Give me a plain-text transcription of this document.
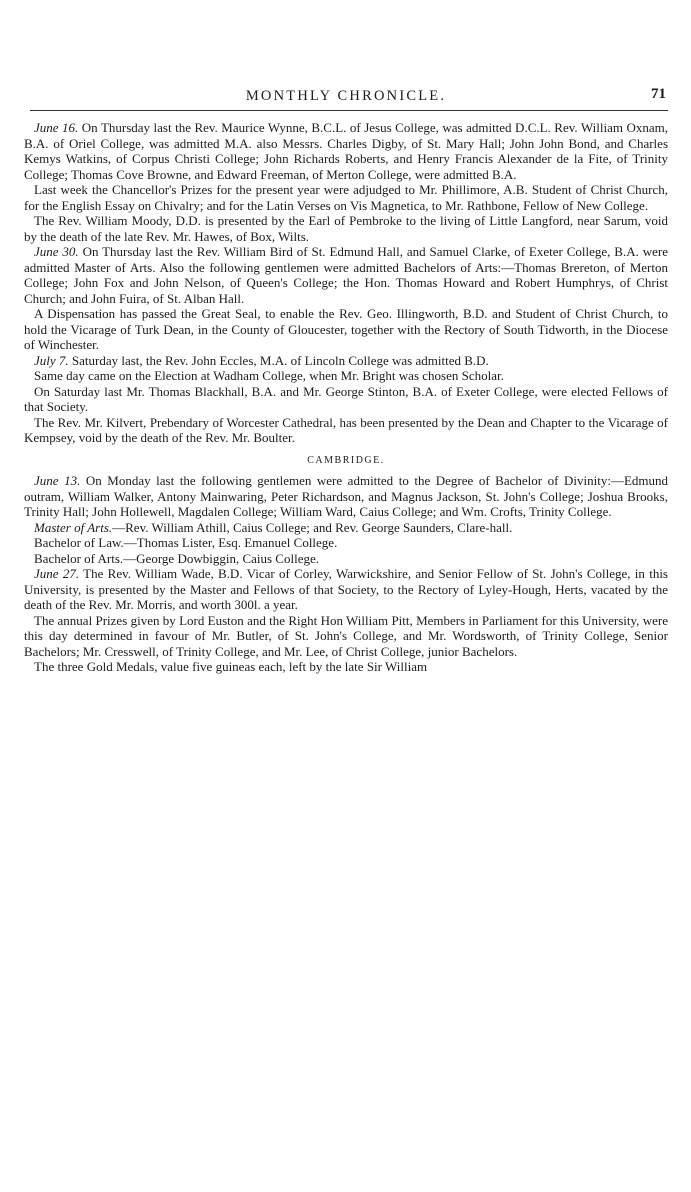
MONTHLY CHRONICLE.	71

June 16. On Thursday last the Rev. Maurice Wynne, B.C.L. of Jesus College, was admitted D.C.L. Rev. William Oxnam, B.A. of Oriel College, was admitted M.A. also Messrs. Charles Digby, of St. Mary Hall; John John Bond, and Charles Kemys Watkins, of Corpus Christi College; John Richards Roberts, and Henry Francis Alexander de la Fite, of Trinity College; Thomas Cove Browne, and Edward Freeman, of Merton College, were admitted B.A.

Last week the Chancellor's Prizes for the present year were adjudged to Mr. Phillimore, A.B. Student of Christ Church, for the English Essay on Chivalry; and for the Latin Verses on Vis Magnetica, to Mr. Rathbone, Fellow of New College.

The Rev. William Moody, D.D. is presented by the Earl of Pembroke to the living of Little Langford, near Sarum, void by the death of the late Rev. Mr. Hawes, of Box, Wilts.

June 30. On Thursday last the Rev. William Bird of St. Edmund Hall, and Samuel Clarke, of Exeter College, B.A. were admitted Master of Arts. Also the following gentlemen were admitted Bachelors of Arts:—Thomas Brereton, of Merton College; John Fox and John Nelson, of Queen's College; the Hon. Thomas Howard and Robert Humphrys, of Christ Church; and John Fuira, of St. Alban Hall.

A Dispensation has passed the Great Seal, to enable the Rev. Geo. Illingworth, B.D. and Student of Christ Church, to hold the Vicarage of Turk Dean, in the County of Gloucester, together with the Rectory of South Tidworth, in the Diocese of Winchester.

July 7. Saturday last, the Rev. John Eccles, M.A. of Lincoln College was admitted B.D.

Same day came on the Election at Wadham College, when Mr. Bright was chosen Scholar.

On Saturday last Mr. Thomas Blackhall, B.A. and Mr. George Stinton, B.A. of Exeter College, were elected Fellows of that Society.

The Rev. Mr. Kilvert, Prebendary of Worcester Cathedral, has been presented by the Dean and Chapter to the Vicarage of Kempsey, void by the death of the Rev. Mr. Boulter.

CAMBRIDGE.

June 13. On Monday last the following gentlemen were admitted to the Degree of Bachelor of Divinity:—Edmund outram, William Walker, Antony Mainwaring, Peter Richardson, and Magnus Jackson, St. John's College; Joshua Brooks, Trinity Hall; John Hollewell, Magdalen College; William Ward, Caius College; and Wm. Crofts, Trinity College.

Master of Arts.—Rev. William Athill, Caius College; and Rev. George Saunders, Clare-hall.

Bachelor of Law.—Thomas Lister, Esq. Emanuel College.

Bachelor of Arts.—George Dowbiggin, Caius College.

June 27. The Rev. William Wade, B.D. Vicar of Corley, Warwickshire, and Senior Fellow of St. John's College, in this University, is presented by the Master and Fellows of that Society, to the Rectory of Lyley-Hough, Herts, vacated by the death of the Rev. Mr. Morris, and worth 300l. a year.

The annual Prizes given by Lord Euston and the Right Hon William Pitt, Members in Parliament for this University, were this day determined in favour of Mr. Butler, of St. John's College, and Mr. Wordsworth, of Trinity College, Senior Bachelors; Mr. Cresswell, of Trinity College, and Mr. Lee, of Christ College, junior Bachelors.

The three Gold Medals, value five guineas each, left by the late Sir William
